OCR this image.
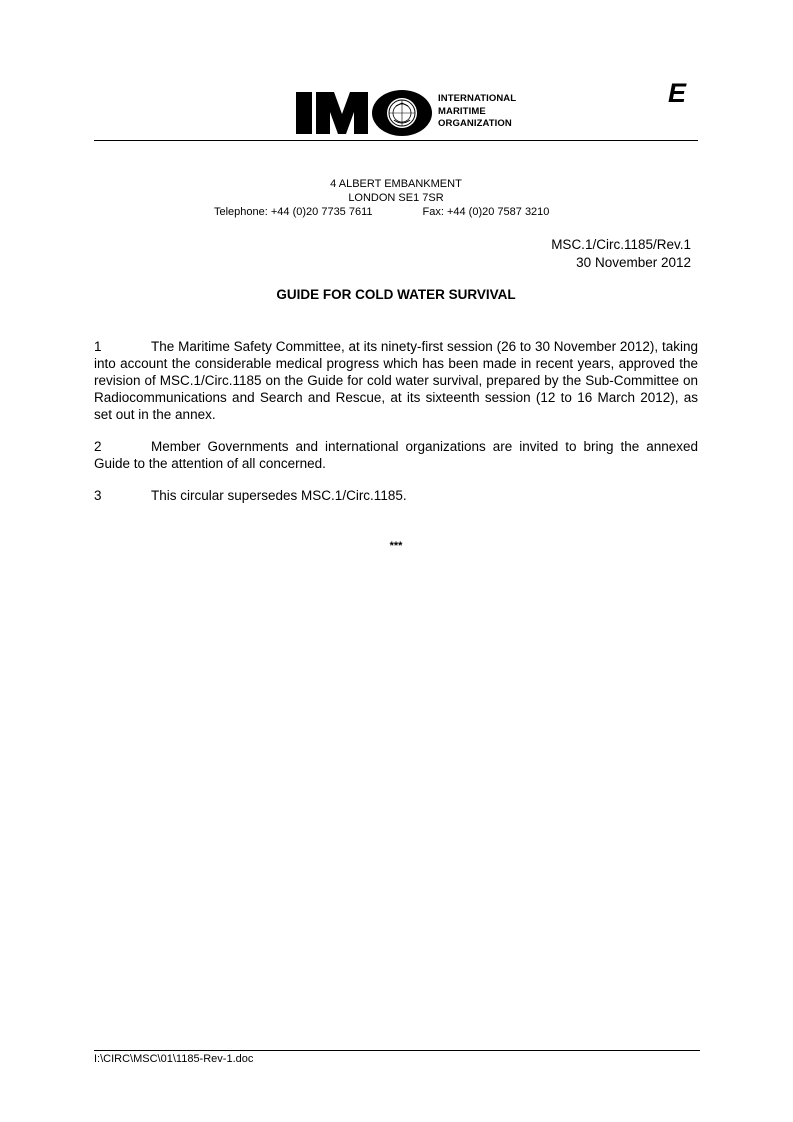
INTERNATIONAL
MARITIME
ORGANIZATION
E
4 ALBERT EMBANKMENT
LONDON SE1 7SR
Telephone: +44 (0)20 7735 7611	Fax: +44 (0)20 7587 3210
MSC.1/Circ.1185/Rev.1
30 November 2012
GUIDE FOR COLD WATER SURVIVAL
1	The Maritime Safety Committee, at its ninety-first session (26 to 30 November 2012), taking into account the considerable medical progress which has been made in recent years, approved the revision of MSC.1/Circ.1185 on the Guide for cold water survival, prepared by the Sub-Committee on Radiocommunications and Search and Rescue, at its sixteenth session (12 to 16 March 2012), as set out in the annex.
2	Member Governments and international organizations are invited to bring the annexed Guide to the attention of all concerned.
3	This circular supersedes MSC.1/Circ.1185.
***
I:\CIRC\MSC\01\1185-Rev-1.doc
